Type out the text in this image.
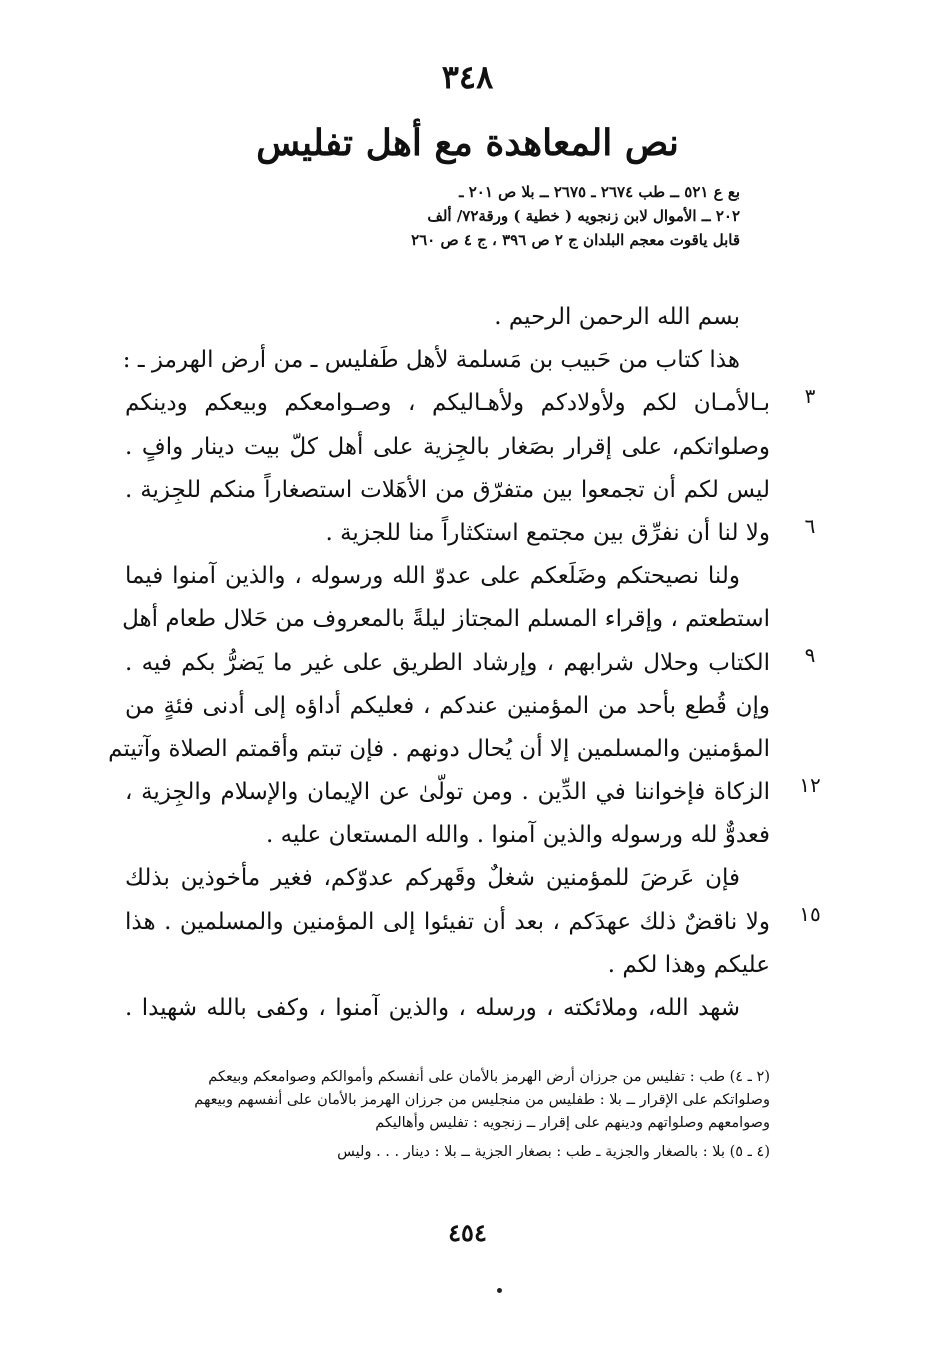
٣٤٨
نص المعاهدة مع أهل تفليس
بع ع ٥٢١ ــ طب ٢٦٧٤ ـ ٢٦٧٥ ــ بلا ص ٢٠١ ـ
٢٠٢ ــ الأموال لابن زنجويه ( خطية ) ورقة٧٢/ ألف
قابل ياقوت معجم البلدان ج ٢ ص ٣٩٦ ، ج ٤ ص ٢٦٠
بسم الله الرحمن الرحيم .
هذا كتاب من حَبيب بن مَسلمة لأهل طَفليس ـ من أرض الهرمز ـ :
بـالأمـان لكم ولأولادكم ولأهـاليكم ، وصـوامعكم وبيعكم ودينكم
وصلواتكم، على إقرار بصَغار بالجِزية على أهل كلّ بيت دينار وافٍ .
ليس لكم أن تجمعوا بين متفرّق من الأهَلات استصغاراً منكم للجِزية .
ولا لنا أن نفرِّق بين مجتمع استكثاراً منا للجزية .
ولنا نصيحتكم وضَلَعكم على عدوّ الله ورسوله ، والذين آمنوا فيما
استطعتم ، وإقراء المسلم المجتاز ليلةً بالمعروف من حَلال طعام أهل
الكتاب وحلال شرابهم ، وإرشاد الطريق على غير ما يَضرُّ بكم فيه .
وإن قُطع بأحد من المؤمنين عندكم ، فعليكم أداؤه إلى أدنى فئةٍ من
المؤمنين والمسلمين إلا أن يُحال دونهم . فإن تبتم وأقمتم الصلاة وآتيتم
الزكاة فإخواننا في الدِّين . ومن تولّىٰ عن الإيمان والإسلام والجِزية ،
فعدوٌّ لله ورسوله والذين آمنوا . والله المستعان عليه .
فإن عَرضَ للمؤمنين شغلٌ وقَهركم عدوّكم، فغير مأخوذين بذلك
ولا ناقضٌ ذلك عهدَكم ، بعد أن تفيئوا إلى المؤمنين والمسلمين . هذا
عليكم وهذا لكم .
شهد الله، وملائكته ، ورسله ، والذين آمنوا ، وكفى بالله شهيدا .
٣
٦
٩
١٢
١٥
(٢ ـ ٤) طب : تفليس من جرزان أرض الهرمز بالأمان على أنفسكم وأموالكم وصوامعكم وبيعكم
وصلواتكم على الإقرار ــ بلا : طفليس من منجليس من جرزان الهرمز بالأمان على أنفسهم وبيعهم
وصوامعهم وصلواتهم ودينهم على إقرار ــ زنجويه : تفليس وأهاليكم
(٤ ـ ٥) بلا : بالصغار والجزية ـ طب : بصغار الجزية ــ بلا : دينار . . . وليس
٤٥٤
